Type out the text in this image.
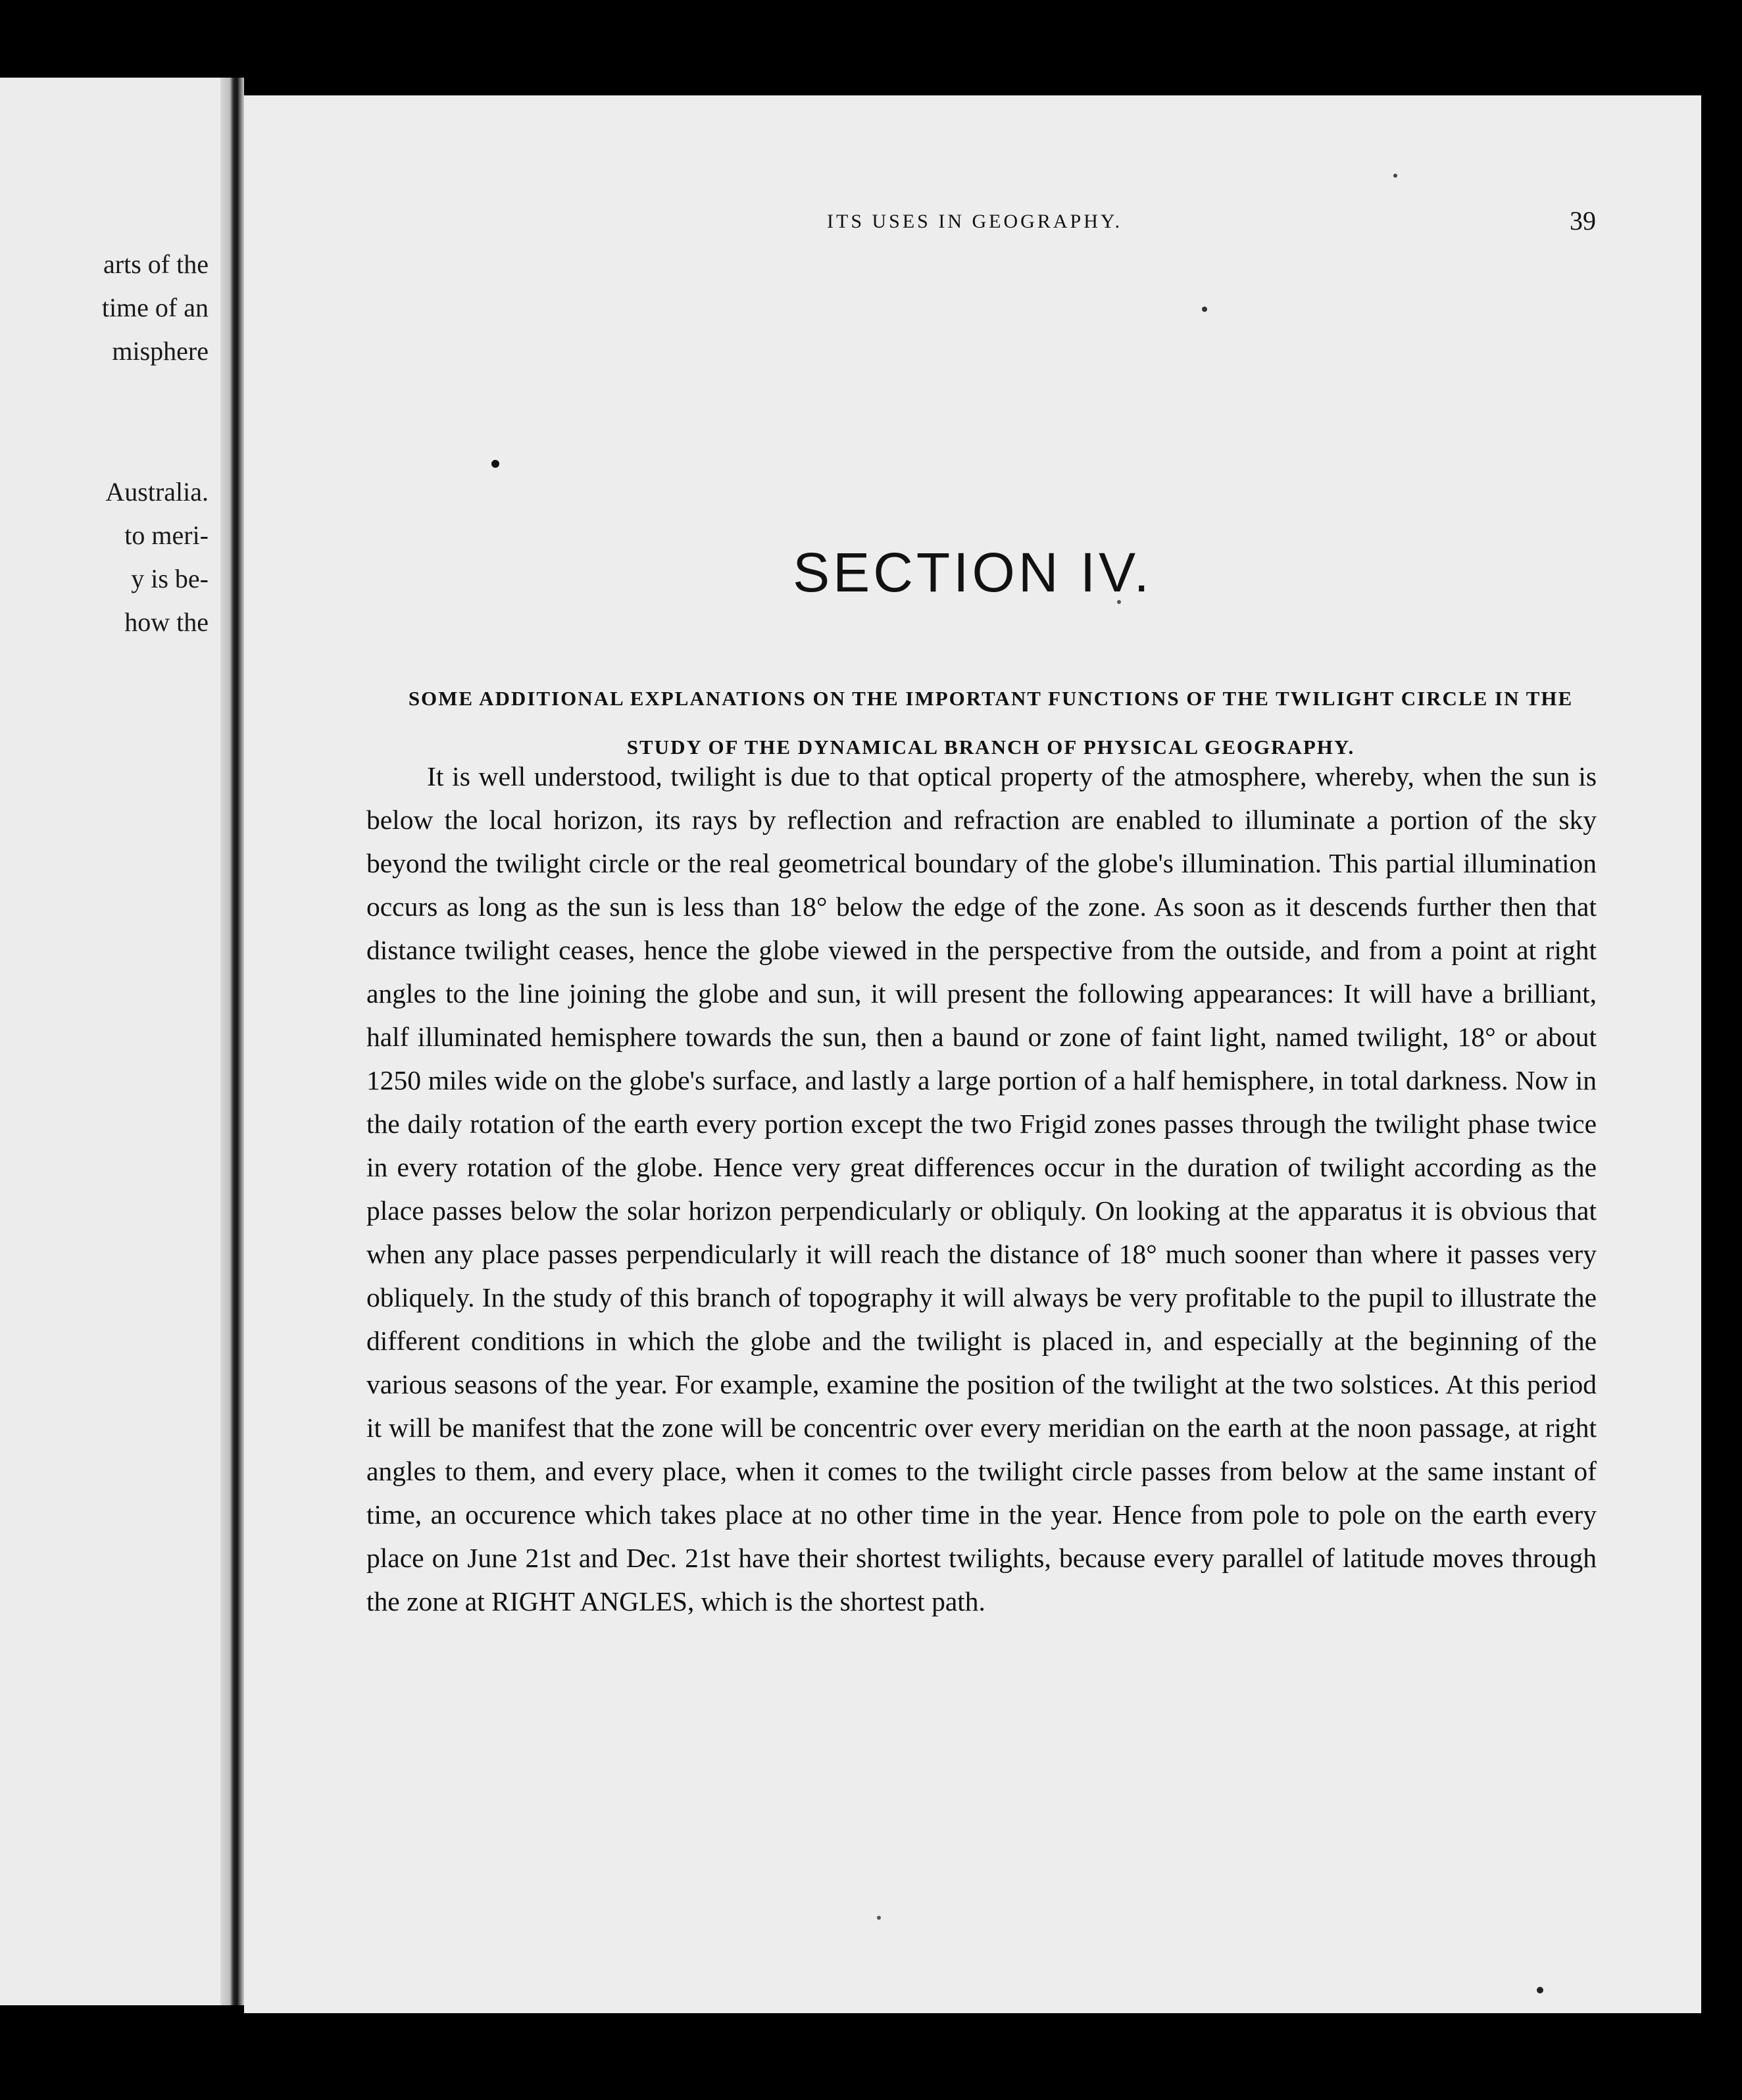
arts of the
time of an
misphere
Australia.
to meri-
y is be-
how the
ITS USES IN GEOGRAPHY.	39
SECTION IV.
SOME ADDITIONAL EXPLANATIONS ON THE IMPORTANT FUNCTIONS OF THE TWILIGHT CIRCLE IN THE STUDY OF THE DYNAMICAL BRANCH OF PHYSICAL GEOGRAPHY.

It is well understood, twilight is due to that optical property of the atmosphere, whereby, when the sun is below the local horizon, its rays by reflection and refraction are enabled to illuminate a portion of the sky beyond the twilight circle or the real geometrical boundary of the globe's illumination. This partial illumination occurs as long as the sun is less than 18° below the edge of the zone. As soon as it descends further then that distance twilight ceases, hence the globe viewed in the perspective from the outside, and from a point at right angles to the line joining the globe and sun, it will present the following appearances: It will have a brilliant, half illuminated hemisphere towards the sun, then a baund or zone of faint light, named twilight, 18° or about 1250 miles wide on the globe's surface, and lastly a large portion of a half hemisphere, in total darkness. Now in the daily rotation of the earth every portion except the two Frigid zones passes through the twilight phase twice in every rotation of the globe. Hence very great differences occur in the duration of twilight according as the place passes below the solar horizon perpendicularly or obliquly. On looking at the apparatus it is obvious that when any place passes perpendicularly it will reach the distance of 18° much sooner than where it passes very obliquely. In the study of this branch of topography it will always be very profitable to the pupil to illustrate the different conditions in which the globe and the twilight is placed in, and especially at the beginning of the various seasons of the year. For example, examine the position of the twilight at the two solstices. At this period it will be manifest that the zone will be concentric over every meridian on the earth at the noon passage, at right angles to them, and every place, when it comes to the twilight circle passes from below at the same instant of time, an occurence which takes place at no other time in the year. Hence from pole to pole on the earth every place on June 21st and Dec. 21st have their shortest twilights, because every parallel of latitude moves through the zone at RIGHT ANGLES, which is the shortest path.
